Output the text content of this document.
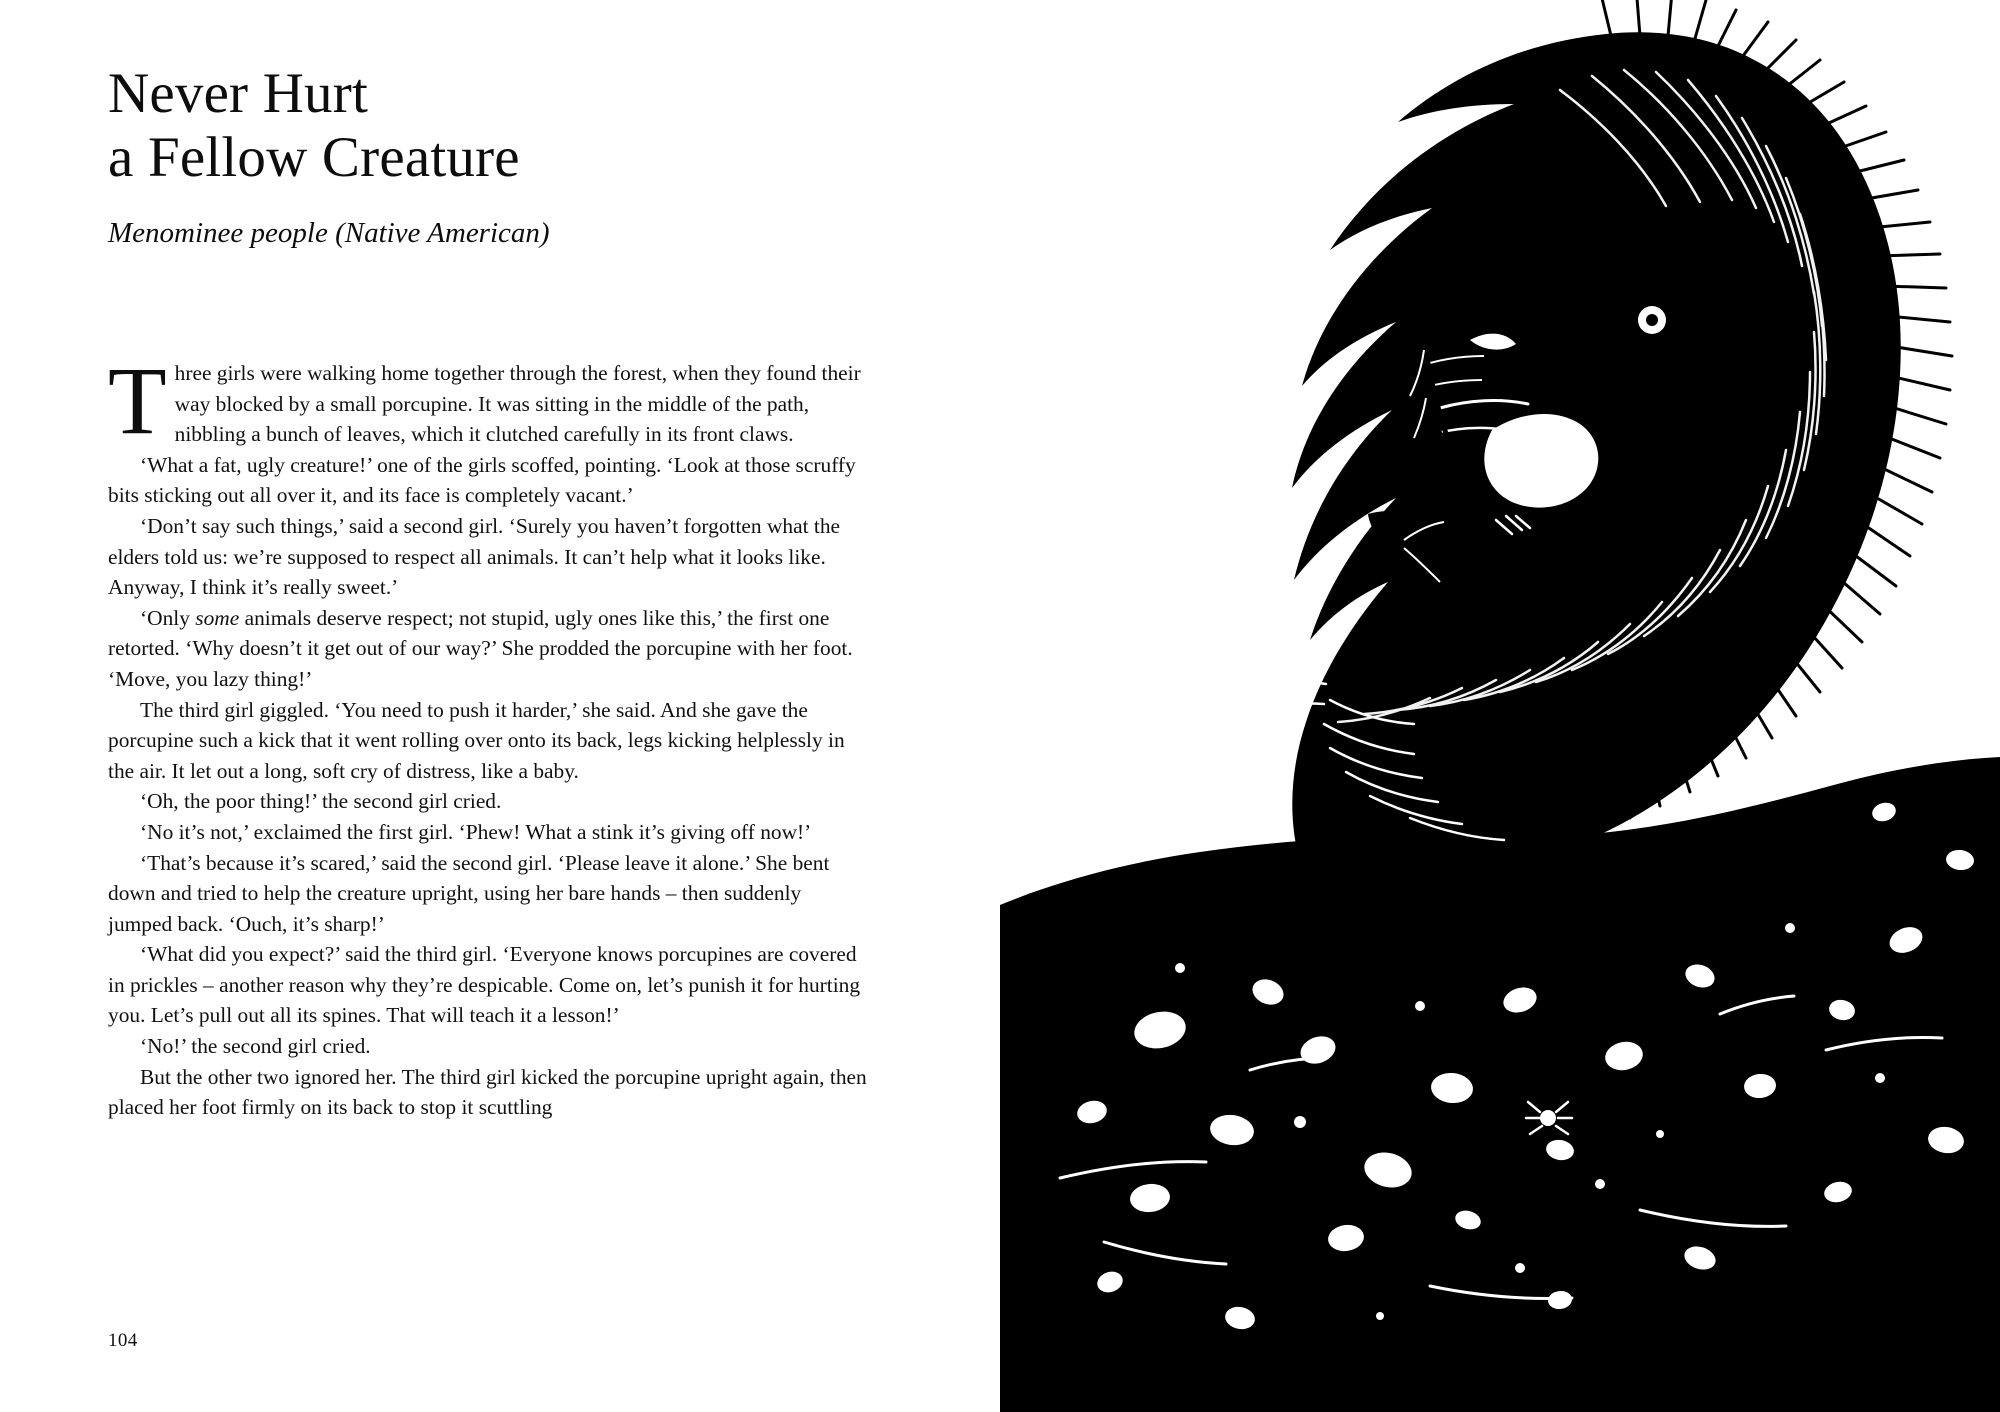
Never Hurt
a Fellow Creature
Menominee people (Native American)

Three girls were walking home together through the forest, when they found their way blocked by a small porcupine. It was sitting in the middle of the path, nibbling a bunch of leaves, which it clutched carefully in its front claws.

‘What a fat, ugly creature!’ one of the girls scoffed, pointing. ‘Look at those scruffy bits sticking out all over it, and its face is completely vacant.’

‘Don’t say such things,’ said a second girl. ‘Surely you haven’t forgotten what the elders told us: we’re supposed to respect all animals. It can’t help what it looks like. Anyway, I think it’s really sweet.’

‘Only some animals deserve respect; not stupid, ugly ones like this,’ the first one retorted. ‘Why doesn’t it get out of our way?’ She prodded the porcupine with her foot. ‘Move, you lazy thing!’

The third girl giggled. ‘You need to push it harder,’ she said. And she gave the porcupine such a kick that it went rolling over onto its back, legs kicking helplessly in the air. It let out a long, soft cry of distress, like a baby.

‘Oh, the poor thing!’ the second girl cried.

‘No it’s not,’ exclaimed the first girl. ‘Phew! What a stink it’s giving off now!’

‘That’s because it’s scared,’ said the second girl. ‘Please leave it alone.’ She bent down and tried to help the creature upright, using her bare hands – then suddenly jumped back. ‘Ouch, it’s sharp!’

‘What did you expect?’ said the third girl. ‘Everyone knows porcupines are covered in prickles – another reason why they’re despicable. Come on, let’s punish it for hurting you. Let’s pull out all its spines. That will teach it a lesson!’

‘No!’ the second girl cried.

But the other two ignored her. The third girl kicked the porcupine upright again, then placed her foot firmly on its back to stop it scuttling

104
